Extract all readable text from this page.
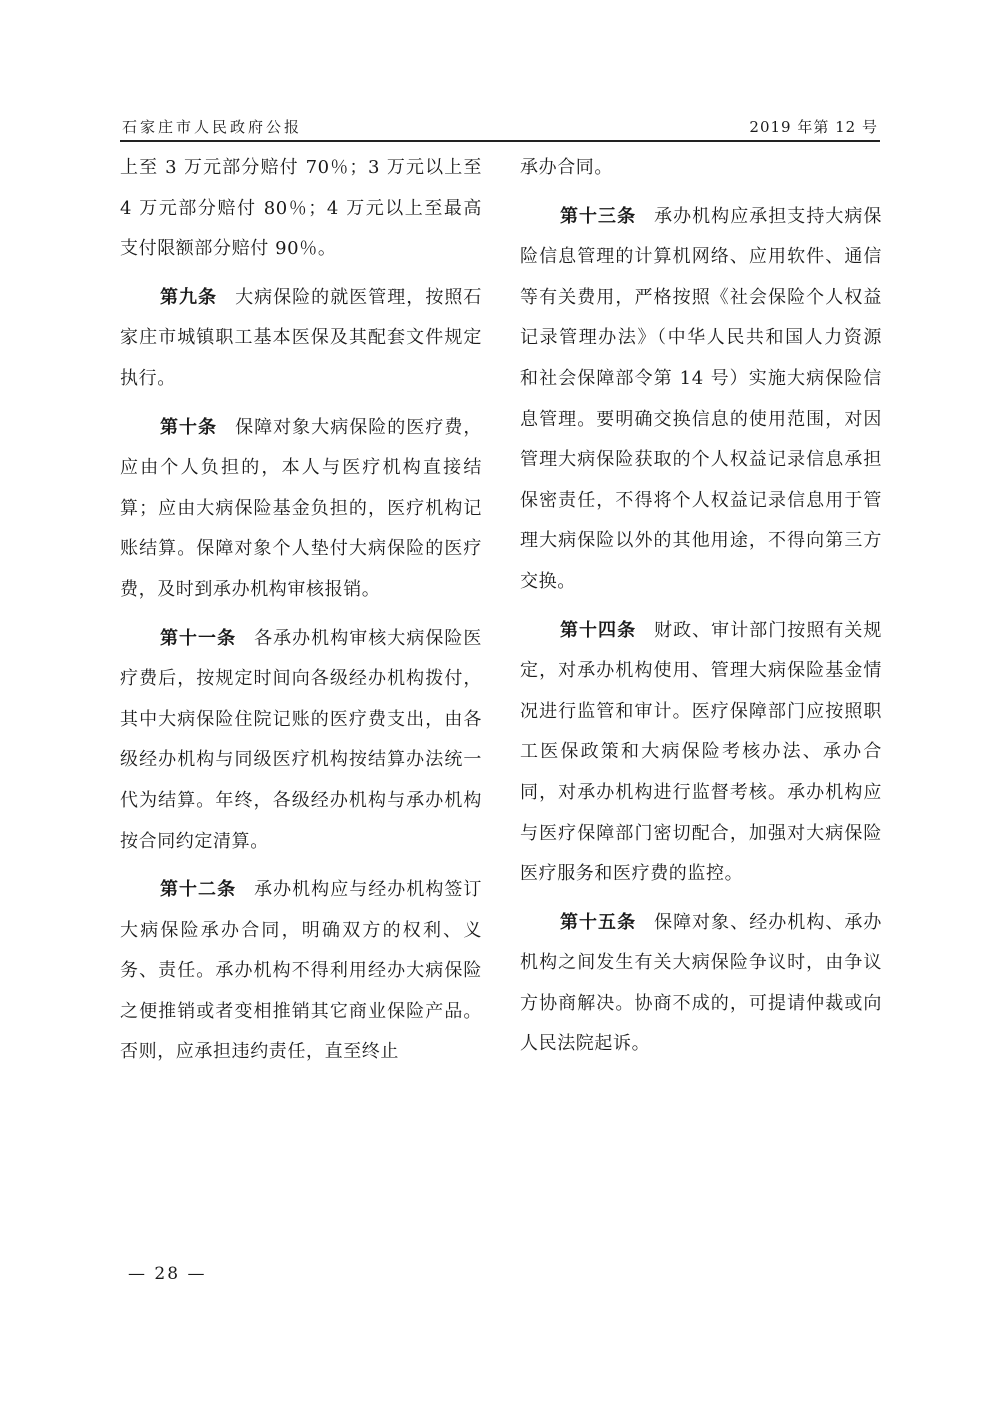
石家庄市人民政府公报	2019 年第 12 号

上至 3 万元部分赔付 70％；3 万元以上至 4 万元部分赔付 80％；4 万元以上至最高支付限额部分赔付 90％。

第九条 大病保险的就医管理，按照石家庄市城镇职工基本医保及其配套文件规定执行。

第十条 保障对象大病保险的医疗费，应由个人负担的，本人与医疗机构直接结算；应由大病保险基金负担的，医疗机构记账结算。保障对象个人垫付大病保险的医疗费，及时到承办机构审核报销。

第十一条 各承办机构审核大病保险医疗费后，按规定时间向各级经办机构拨付，其中大病保险住院记账的医疗费支出，由各级经办机构与同级医疗机构按结算办法统一代为结算。年终，各级经办机构与承办机构按合同约定清算。

第十二条 承办机构应与经办机构签订大病保险承办合同，明确双方的权利、义务、责任。承办机构不得利用经办大病保险之便推销或者变相推销其它商业保险产品。否则，应承担违约责任，直至终止

承办合同。

第十三条 承办机构应承担支持大病保险信息管理的计算机网络、应用软件、通信等有关费用，严格按照《社会保险个人权益记录管理办法》（中华人民共和国人力资源和社会保障部令第 14 号）实施大病保险信息管理。要明确交换信息的使用范围，对因管理大病保险获取的个人权益记录信息承担保密责任，不得将个人权益记录信息用于管理大病保险以外的其他用途，不得向第三方交换。

第十四条 财政、审计部门按照有关规定，对承办机构使用、管理大病保险基金情况进行监管和审计。医疗保障部门应按照职工医保政策和大病保险考核办法、承办合同，对承办机构进行监督考核。承办机构应与医疗保障部门密切配合，加强对大病保险医疗服务和医疗费的监控。

第十五条 保障对象、经办机构、承办机构之间发生有关大病保险争议时，由争议方协商解决。协商不成的，可提请仲裁或向人民法院起诉。

— 28 —
